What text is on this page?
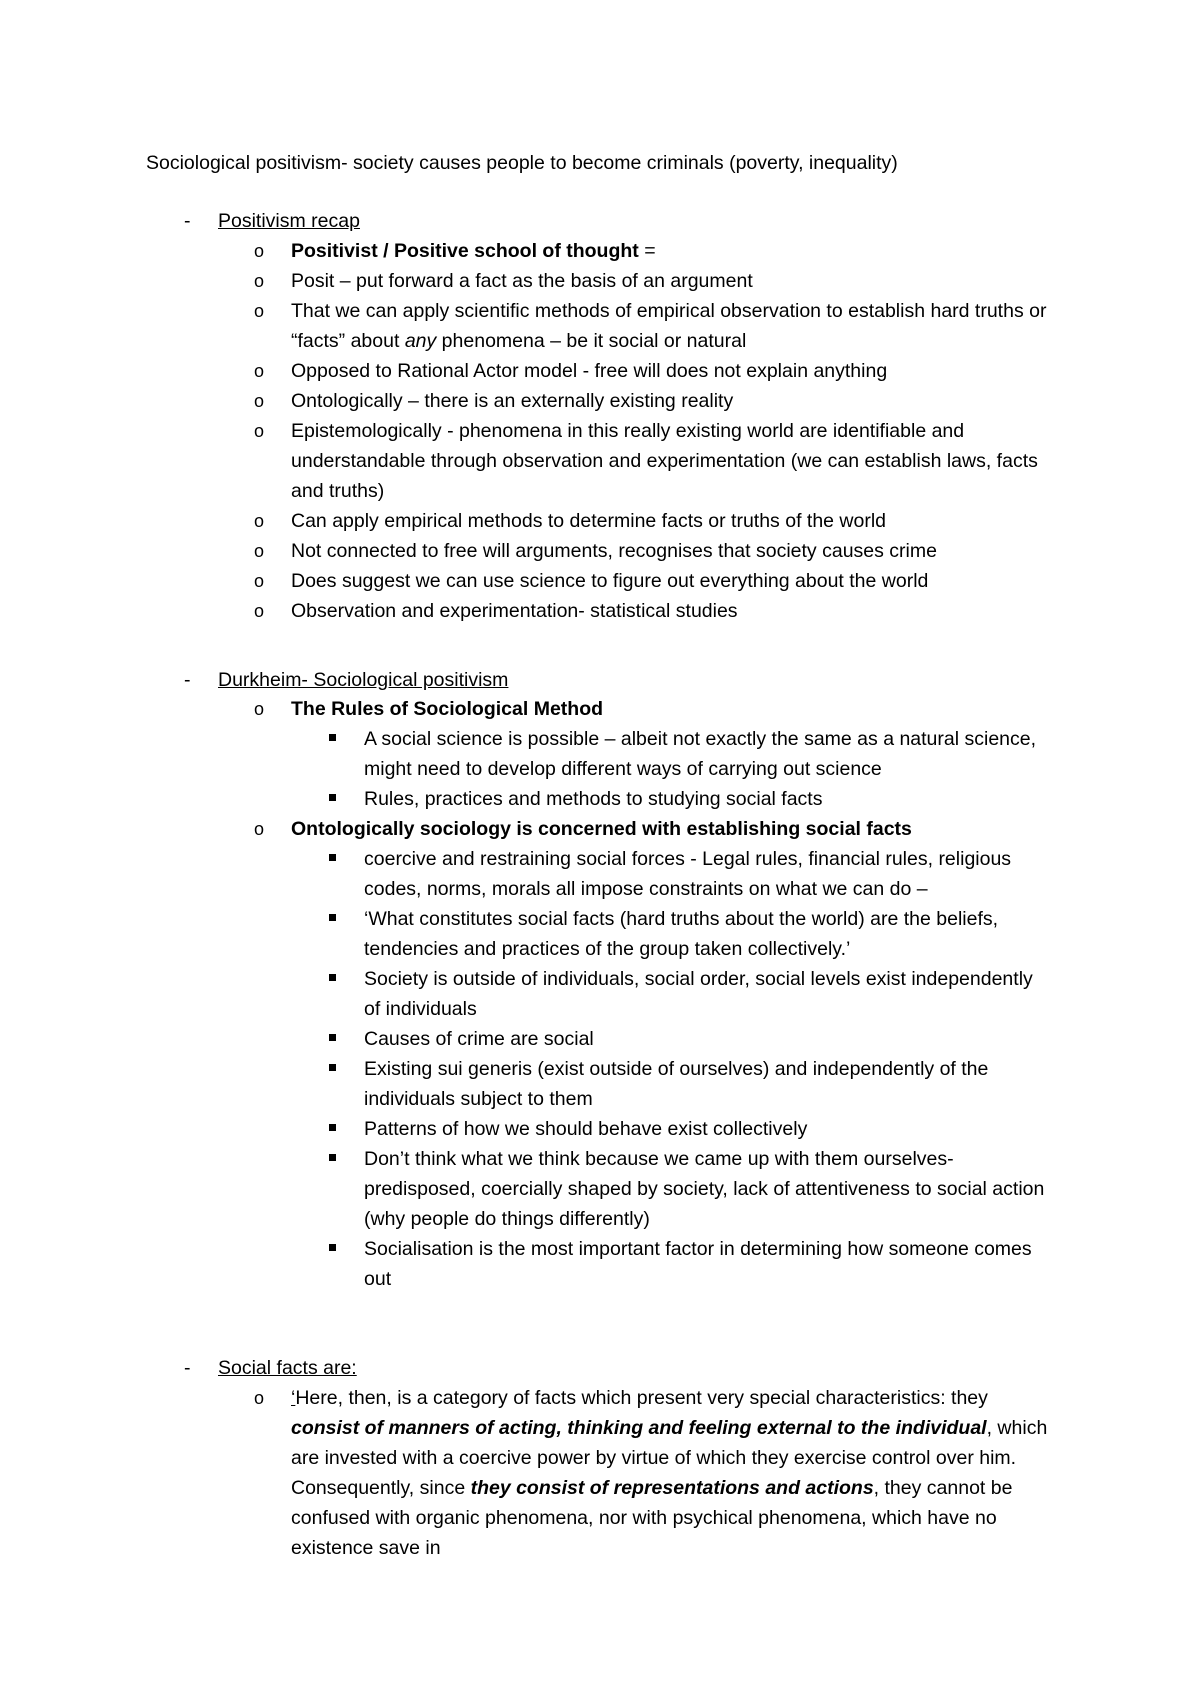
Sociological positivism- society causes people to become criminals (poverty, inequality)
- Positivism recap
o Positivist / Positive school of thought =
o Posit – put forward a fact as the basis of an argument
o That we can apply scientific methods of empirical observation to establish hard truths or “facts” about any phenomena – be it social or natural
o Opposed to Rational Actor model - free will does not explain anything
o Ontologically – there is an externally existing reality
o Epistemologically - phenomena in this really existing world are identifiable and understandable through observation and experimentation (we can establish laws, facts and truths)
o Can apply empirical methods to determine facts or truths of the world
o Not connected to free will arguments, recognises that society causes crime
o Does suggest we can use science to figure out everything about the world
o Observation and experimentation- statistical studies
- Durkheim- Sociological positivism
o The Rules of Sociological Method
A social science is possible – albeit not exactly the same as a natural science, might need to develop different ways of carrying out science
Rules, practices and methods to studying social facts
o Ontologically sociology is concerned with establishing social facts
coercive and restraining social forces - Legal rules, financial rules, religious codes, norms, morals all impose constraints on what we can do –
‘What constitutes social facts (hard truths about the world) are the beliefs, tendencies and practices of the group taken collectively.’
Society is outside of individuals, social order, social levels exist independently of individuals
Causes of crime are social
Existing sui generis (exist outside of ourselves) and independently of the individuals subject to them
Patterns of how we should behave exist collectively
Don’t think what we think because we came up with them ourselves- predisposed, coercially shaped by society, lack of attentiveness to social action (why people do things differently)
Socialisation is the most important factor in determining how someone comes out
- Social facts are:
o ‘Here, then, is a category of facts which present very special characteristics: they consist of manners of acting, thinking and feeling external to the individual, which are invested with a coercive power by virtue of which they exercise control over him. Consequently, since they consist of representations and actions, they cannot be confused with organic phenomena, nor with psychical phenomena, which have no existence save in
